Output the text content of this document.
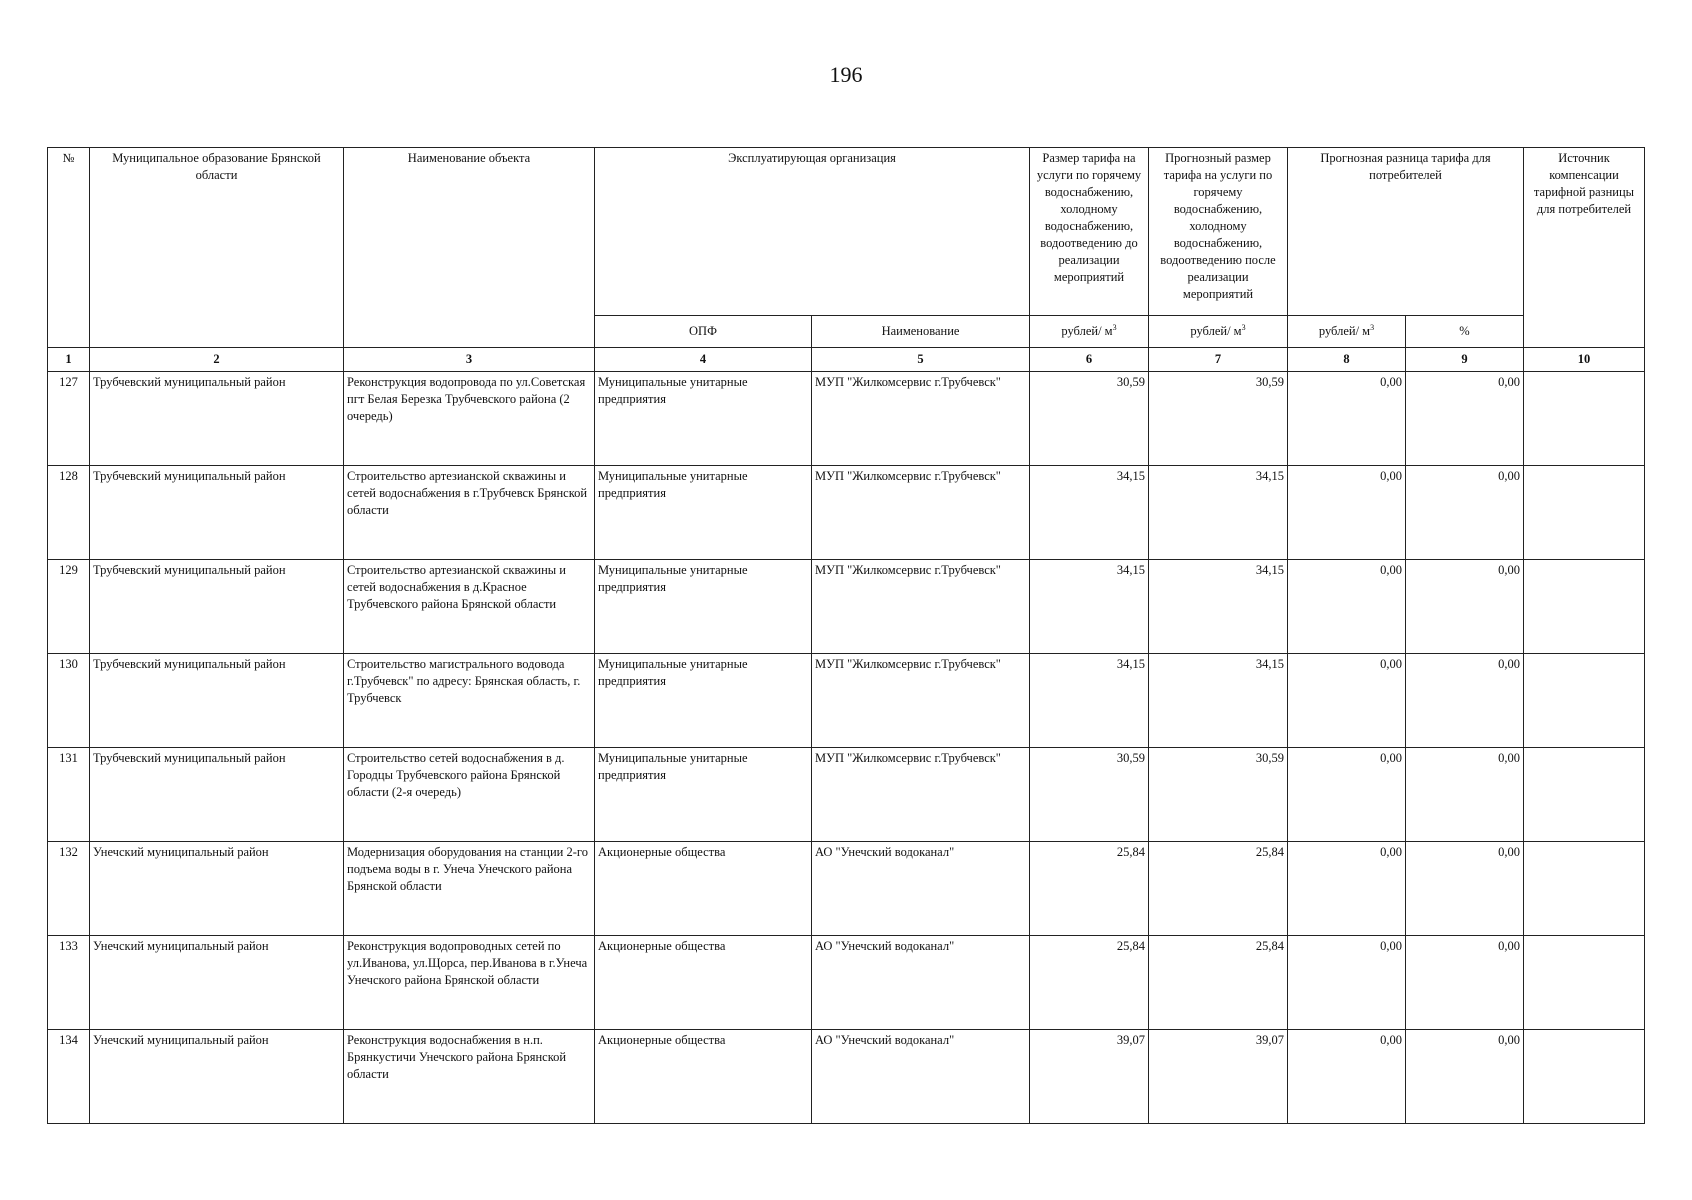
196
№	Муниципальное образование Брянской области	Наименование объекта	Эксплуатирующая организация		Размер тарифа на услуги по горячему водоснабжению, холодному водоснабжению, водоотведению до реализации мероприятий	Прогнозный размер тарифа на услуги по горячему водоснабжению, холодному водоснабжению, водоотведению после реализации мероприятий	Прогнозная разница тарифа для потребителей		Источник компенсации тарифной разницы для потребителей
			ОПФ	Наименование	рублей/ $м^3$	рублей/ $м^3$	рублей/ $м^3$	%	
1	2	3	4	5	6	7	8	9	10
127	Трубчевский муниципальный район	Реконструкция водопровода по ул.Советская пгт Белая Березка Трубчевского района (2 очередь)	Муниципальные унитарные предприятия	МУП "Жилкомсервис г.Трубчевск"	30,59	30,59	0,00	0,00	
128	Трубчевский муниципальный район	Строительство артезианской скважины и сетей водоснабжения в г.Трубчевск Брянской области	Муниципальные унитарные предприятия	МУП "Жилкомсервис г.Трубчевск"	34,15	34,15	0,00	0,00	
129	Трубчевский муниципальный район	Строительство артезианской скважины и сетей водоснабжения в д.Красное Трубчевского района Брянской области	Муниципальные унитарные предприятия	МУП "Жилкомсервис г.Трубчевск"	34,15	34,15	0,00	0,00	
130	Трубчевский муниципальный район	Строительство магистрального водовода г.Трубчевск" по адресу: Брянская область, г. Трубчевск	Муниципальные унитарные предприятия	МУП "Жилкомсервис г.Трубчевск"	34,15	34,15	0,00	0,00	
131	Трубчевский муниципальный район	Строительство сетей водоснабжения в д. Городцы Трубчевского района Брянской области (2-я очередь)	Муниципальные унитарные предприятия	МУП "Жилкомсервис г.Трубчевск"	30,59	30,59	0,00	0,00	
132	Унечский муниципальный район	Модернизация оборудования на станции 2-го подъема воды в г. Унеча Унечского района Брянской области	Акционерные общества	АО "Унечский водоканал"	25,84	25,84	0,00	0,00	
133	Унечский муниципальный район	Реконструкция водопроводных сетей по ул.Иванова, ул.Щорса, пер.Иванова в г.Унеча Унечского района Брянской области	Акционерные общества	АО "Унечский водоканал"	25,84	25,84	0,00	0,00	
134	Унечский муниципальный район	Реконструкция водоснабжения в н.п. Брянкустичи Унечского района Брянской области	Акционерные общества	АО "Унечский водоканал"	39,07	39,07	0,00	0,00	
